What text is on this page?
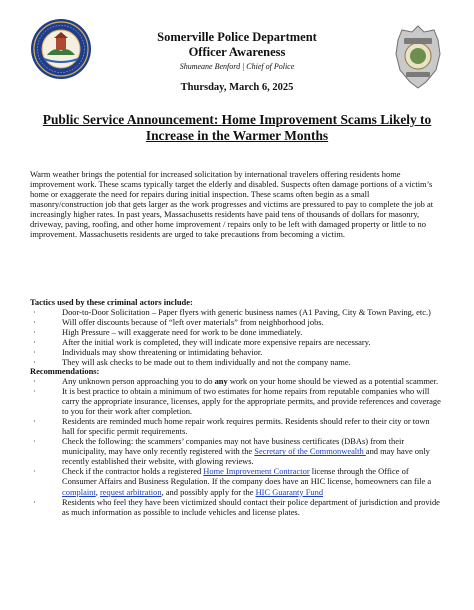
Somerville Police Department
Officer Awareness
Shumeane Benford | Chief of Police
Thursday, March 6, 2025
Public Service Announcement: Home Improvement Scams Likely to
Increase in the Warmer Months
Warm weather brings the potential for increased solicitation by international travelers offering residents home improvement work. These scams typically target the elderly and disabled. Suspects often damage portions of a victim’s home or exaggerate the need for repairs during initial inspection. These scams often begin as a small masonry/construction job that gets larger as the work progresses and victims are pressured to pay to complete the job at increasingly higher rates. In past years, Massachusetts residents have paid tens of thousands of dollars for masonry, driveway, paving, roofing, and other home improvement / repairs only to be left with damaged property or little to no improvement. Massachusetts residents are urged to take precautions from becoming a victim.
Tactics used by these criminal actors include:
·	Door-to-Door Solicitation – Paper flyers with generic business names (A1 Paving, City & Town Paving, etc.)
·	Will offer discounts because of “left over materials” from neighborhood jobs.
·	High Pressure – will exaggerate need for work to be done immediately.
·	After the initial work is completed, they will indicate more expensive repairs are necessary.
·	Individuals may show threatening or intimidating behavior.
·	They will ask checks to be made out to them individually and not the company name.
Recommendations:
·	Any unknown person approaching you to do any work on your home should be viewed as a potential scammer.
·	It is best practice to obtain a minimum of two estimates for home repairs from reputable companies who will carry the appropriate insurance, licenses, apply for the appropriate permits, and provide references and coverage to you for their work after completion.
·	Residents are reminded much home repair work requires permits. Residents should refer to their city or town hall for specific permit requirements.
·	Check the following: the scammers’ companies may not have business certificates (DBAs) from their municipality, may have only recently registered with the Secretary of the Commonwealth and may have only recently established their website, with glowing reviews.
·	Check if the contractor holds a registered Home Improvement Contractor license through the Office of Consumer Affairs and Business Regulation. If the company does have an HIC license, homeowners can file a complaint, request arbitration, and possibly apply for the HIC Guaranty Fund
·	Residents who feel they have been victimized should contact their police department of jurisdiction and provide as much information as possible to include vehicles and license plates.
